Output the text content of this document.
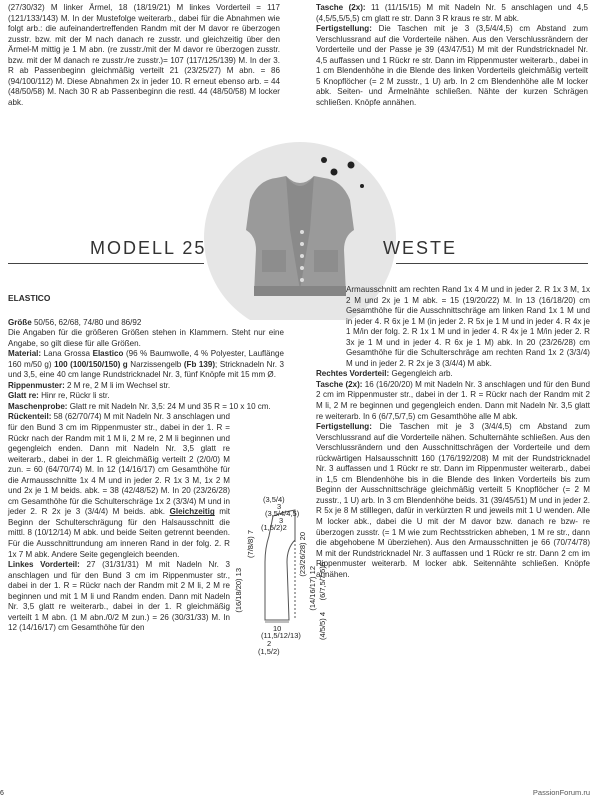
(27/30/32) M linker Ärmel, 18 (18/19/21) M linkes Vorderteil = 117 (121/133/143) M. In der Mustefolge weiterarb., dabei für die Abnahmen wie folgt arb.: die aufeinandertreffenden Randm mit der M davor re überzogen zusstr. bzw. mit der M nach danach re zusstr. und gleichzeitig über den Ärmel-M mittig je 1 M abn. (re zusstr./mit der M davor re überzogen zusstr. bzw. mit der M danach re zusstr./re zusstr.)= 107 (117/125/139) M. In der 3. R ab Passenbeginn gleichmäßig verteilt 21 (23/25/27) M abn. = 86 (94/100/112) M. Diese Abnahmen 2x in jeder 10. R erneut ebenso arb. = 44 (48/50/58) M. Nach 30 R ab Passenbeginn die restl. 44 (48/50/58) M locker abk.

Tasche (2x): 11 (11/15/15) M mit Nadeln Nr. 5 anschlagen und 4,5 (4,5/5,5/5,5) cm glatt re str. Dann 3 R kraus re str. M abk.

Fertigstellung: Die Taschen mit je 3 (3,5/4/4,5) cm Abstand zum Verschlussrand auf die Vorderteile nähen. Aus den Verschlussrändern der Vorderteile und der Passe je 39 (43/47/51) M mit der Rundstricknadel Nr. 4,5 auffassen und 1 Rückr re str. Dann im Rippenmuster weiterarb., dabei in 1 cm Blendenhöhe in die Blende des linken Vorderteils gleichmäßig verteilt 5 Knopflöcher (= 2 M zusstr., 1 U) arb. In 2 cm Blendenhöhe alle M locker abk. Seiten- und Ärmelnähte schließen. Nähte der kurzen Schrägen schließen. Knöpfe annähen.

MODELL 25	WESTE

ELASTICO

Größe 50/56, 62/68, 74/80 und 86/92

Die Angaben für die größeren Größen stehen in Klammern. Steht nur eine Angabe, so gilt diese für alle Größen.

Material: Lana Grossa Elastico (96 % Baumwolle, 4 % Polyester, Lauflänge 160 m/50 g) 100 (100/150/150) g Narzissengelb (Fb 139); Stricknadeln Nr. 3 und 3,5, eine 40 cm lange Rundstricknadel Nr. 3, fünf Knöpfe mit 15 mm Ø.

Rippenmuster: 2 M re, 2 M li im Wechsel str.

Glatt re: Hinr re, Rückr li str.

Maschenprobe: Glatt re mit Nadeln Nr. 3,5: 24 M und 35 R = 10 x 10 cm.

Rückenteil: 58 (62/70/74) M mit Nadeln Nr. 3 anschlagen und für den Bund 3 cm im Rippenmuster str., dabei in der 1. R = Rückr nach der Randm mit 1 M li, 2 M re, 2 M li beginnen und gegengleich enden. Dann mit Nadeln Nr. 3,5 glatt re weiterarb., dabei in der 1. R gleichmäßig verteilt 2 (2/0/0) M zun. = 60 (64/70/74) M. In 12 (14/16/17) cm Gesamthöhe für die Armausschnitte 1x 4 M und in jeder 2. R 1x 3 M, 1x 2 M und 2x je 1 M beids. abk. = 38 (42/48/52) M. In 20 (23/26/28) cm Gesamthöhe für die Schulterschräge 1x 2 (3/3/4) M und in jeder 2. R 2x je 3 (3/4/4) M beids. abk. Gleichzeitig mit Beginn der Schulterschrägung für den Halsausschnitt die mittl. 8 (10/12/14) M abk. und beide Seiten getrennt beenden. Für die Ausschnittrundung am inneren Rand in der folg. 2. R 1x 7 M abk. Andere Seite gegengleich beenden.

Linkes Vorderteil: 27 (31/31/31) M mit Nadeln Nr. 3 anschlagen und für den Bund 3 cm im Rippenmuster str., dabei in der 1. R = Rückr nach der Randm mit 2 M li, 2 M re beginnen und mit 1 M li und Randm enden. Dann mit Nadeln Nr. 3,5 glatt re weiterarb., dabei in der 1. R gleichmäßig verteilt 1 M abn. (1 M abn./0/2 M zun.) = 26 (30/31/33) M. In 12 (14/16/17) cm Gesamthöhe für den

(3,5/4)
3
(3,5/4/4,5)
3
(1,5/2)2
(7/8/8) 7
(16/18/20) 13	(23/26/28) 20
(14/16/17) 12 (6/7,5/7,5)6
(4/5/5) 4
10
(11,5/12/13)
2
(1,5/2)

Armausschnitt am rechten Rand 1x 4 M und in jeder 2. R 1x 3 M, 1x 2 M und 2x je 1 M abk. = 15 (19/20/22) M. In 13 (16/18/20) cm Gesamthöhe für die Ausschnittschräge am linken Rand 1x 1 M und in jeder 4. R 6x je 1 M (in jeder 2. R 5x je 1 M und in jeder 4. R 4x je 1 M/in der folg. 2. R 1x 1 M und in jeder 4. R 4x je 1 M/in jeder 2. R 3x je 1 M und in jeder 4. R 6x je 1 M) abk. In 20 (23/26/28) cm Gesamthöhe für die Schulterschräge am rechten Rand 1x 2 (3/3/4) M und in jeder 2. R 2x je 3 (3/4/4) M abk.

Rechtes Vorderteil: Gegengleich arb.

Tasche (2x): 16 (16/20/20) M mit Nadeln Nr. 3 anschlagen und für den Bund 2 cm im Rippenmuster str., dabei in der 1. R = Rückr nach der Randm mit 2 M li, 2 M re beginnen und gegengleich enden. Dann mit Nadeln Nr. 3,5 glatt re weiterarb. In 6 (6/7,5/7,5) cm Gesamthöhe alle M abk.

Fertigstellung: Die Taschen mit je 3 (3/4/4,5) cm Abstand zum Verschlussrand auf die Vorderteile nähen. Schulternähte schließen. Aus den Verschlussrändern und den Ausschnittschrägen der Vorderteile und dem rückwärtigen Halsausschnitt 160 (176/192/208) M mit der Rundstricknadel Nr. 3 auffassen und 1 Rückr re str. Dann im Rippenmuster weiterarb., dabei in 1,5 cm Blendenhöhe bis in die Blende des linken Vorderteils bis zum Beginn der Ausschnittschräge gleichmäßig verteilt 5 Knopflöcher (= 2 M zusstr., 1 U) arb. In 3 cm Blendenhöhe beids. 31 (39/45/51) M und in jeder 2. R 5x je 8 M stilllegen, dafür in verkürzten R und jeweils mit 1 U wenden. Alle M locker abk., dabei die U mit der M davor bzw. danach re bzw- re überzogen zusstr. (= 1 M wie zum Rechtsstricken abheben, 1 M re str., dann die abgehobene M überziehen). Aus den Armausschnitten je 66 (70/74/78) M mit der Rundstricknadel Nr. 3 auffassen und 1 Rückr re str. Dann 2 cm im Rippenmuster weiterarb. M locker abk. Seitennähte schließen. Knöpfe annähen.

PassionForum.ru
6
